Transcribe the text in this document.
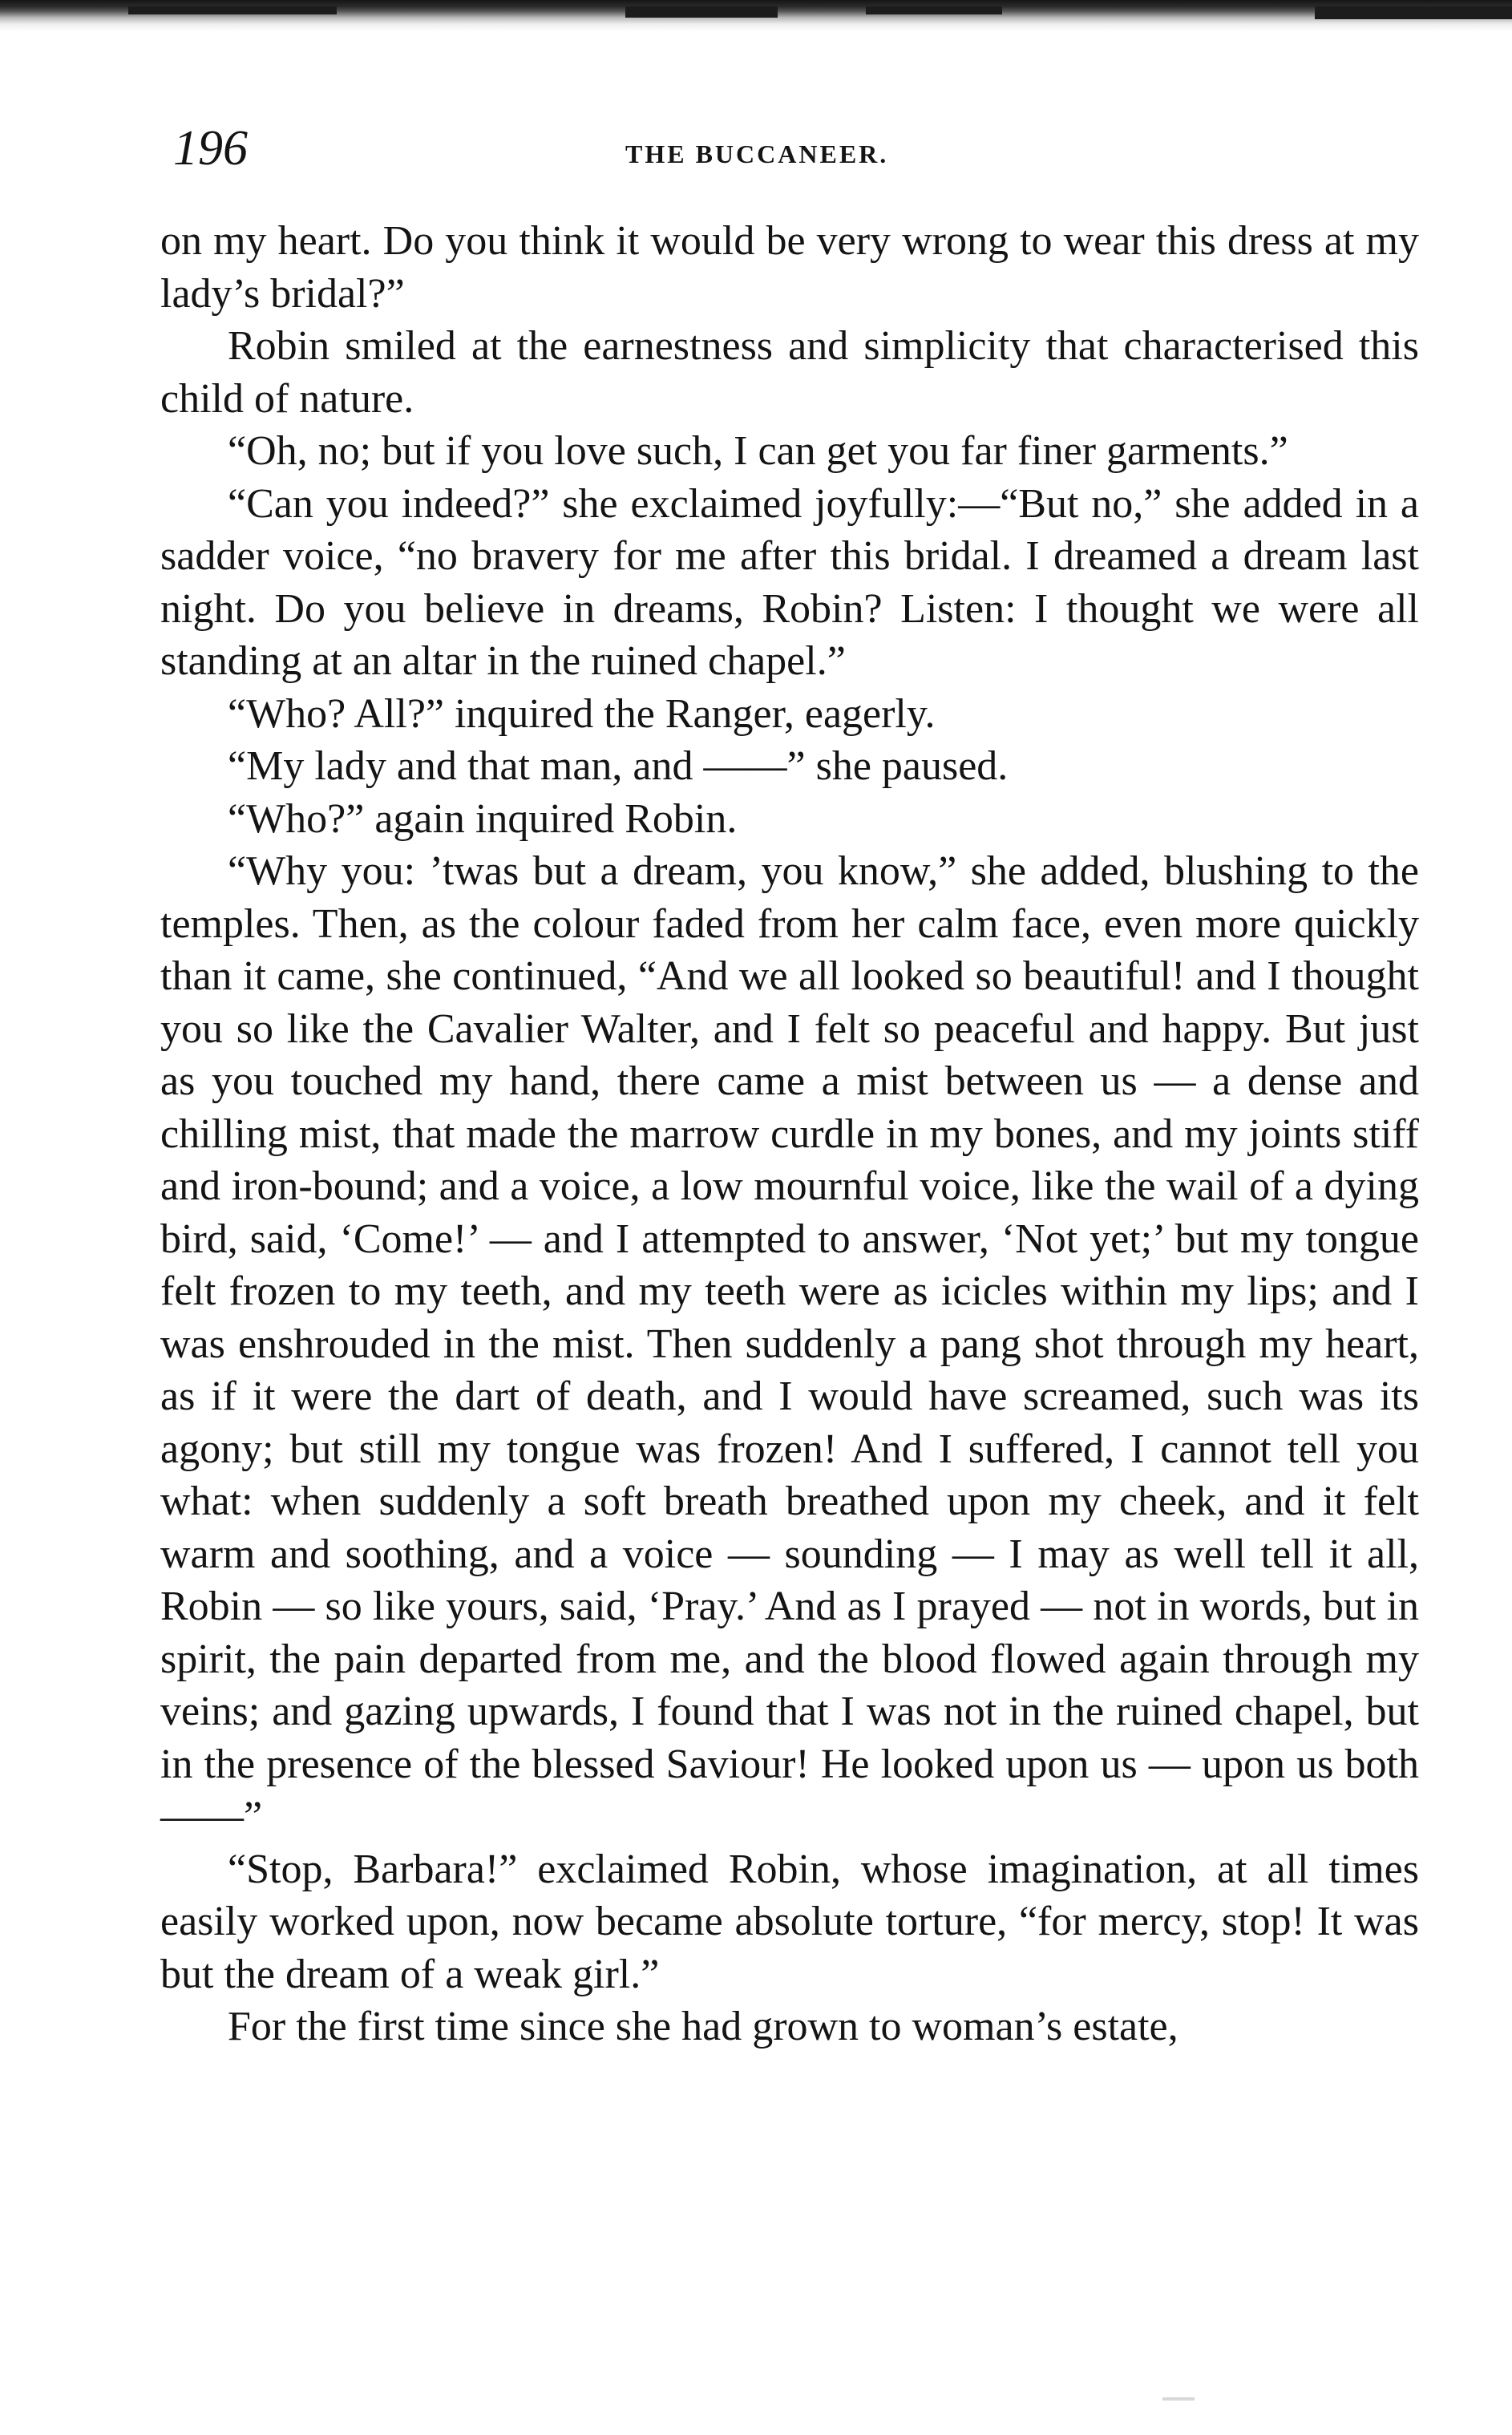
196	THE BUCCANEER.

on my heart. Do you think it would be very wrong to wear this dress at my lady’s bridal?”

Robin smiled at the earnestness and simplicity that characterised this child of nature.

“Oh, no; but if you love such, I can get you far finer garments.”

“Can you indeed?” she exclaimed joyfully:—“But no,” she added in a sadder voice, “no bravery for me after this bridal. I dreamed a dream last night. Do you believe in dreams, Robin? Listen: I thought we were all standing at an altar in the ruined chapel.”

“Who? All?” inquired the Ranger, eagerly.

“My lady and that man, and ——” she paused.

“Who?” again inquired Robin.

“Why you: ’twas but a dream, you know,” she added, blushing to the temples. Then, as the colour faded from her calm face, even more quickly than it came, she continued, “And we all looked so beautiful! and I thought you so like the Cavalier Walter, and I felt so peaceful and happy. But just as you touched my hand, there came a mist between us — a dense and chilling mist, that made the marrow curdle in my bones, and my joints stiff and iron-bound; and a voice, a low mournful voice, like the wail of a dying bird, said, ‘Come!’ — and I attempted to answer, ‘Not yet;’ but my tongue felt frozen to my teeth, and my teeth were as icicles within my lips; and I was enshrouded in the mist. Then suddenly a pang shot through my heart, as if it were the dart of death, and I would have screamed, such was its agony; but still my tongue was frozen! And I suffered, I cannot tell you what: when suddenly a soft breath breathed upon my cheek, and it felt warm and soothing, and a voice — sounding — I may as well tell it all, Robin — so like yours, said, ‘Pray.’ And as I prayed — not in words, but in spirit, the pain departed from me, and the blood flowed again through my veins; and gazing upwards, I found that I was not in the ruined chapel, but in the presence of the blessed Saviour! He looked upon us — upon us both ——”

“Stop, Barbara!” exclaimed Robin, whose imagination, at all times easily worked upon, now became absolute torture, “for mercy, stop! It was but the dream of a weak girl.”

For the first time since she had grown to woman’s estate,
